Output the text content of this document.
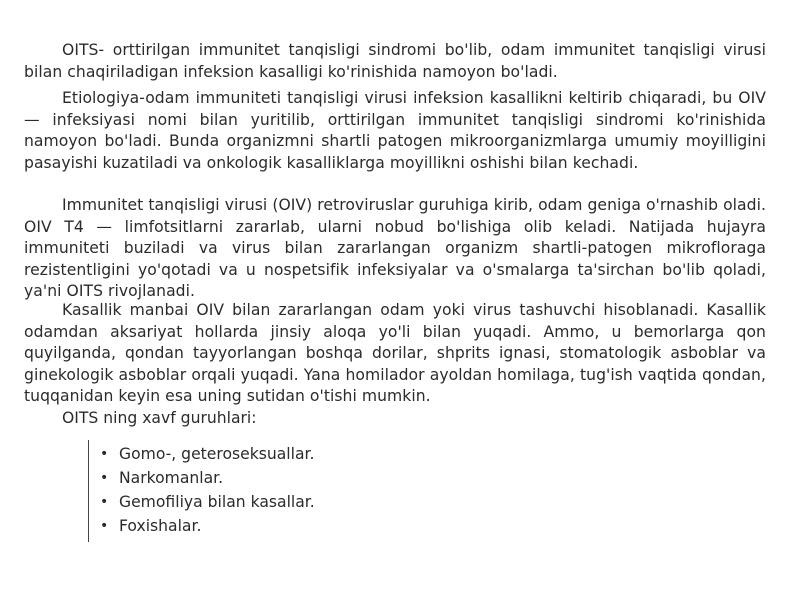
OITS- orttirilgan immunitet tanqisligi sindromi bo'lib, odam immunitet tanqisligi virusi bilan chaqiriladigan infeksion kasalligi ko'rinishida namoyon bo'ladi.

Etiologiya-odam immuniteti tanqisligi virusi infeksion kasallikni keltirib chiqaradi, bu OIV — infeksiyasi nomi bilan yuritilib, orttirilgan immunitet tanqisligi sindromi ko'rinishida namoyon bo'ladi. Bunda organizmni shartli patogen mikroorganizmlarga umumiy moyilligini pasayishi kuzatiladi va onkologik kasalliklarga moyillikni oshishi bilan kechadi.

Immunitet tanqisligi virusi (OIV) retroviruslar guruhiga kirib, odam geniga o'rnashib oladi. OIV T4 — limfotsitlarni zararlab, ularni nobud bo'lishiga olib keladi. Natijada hujayra immuniteti buziladi va virus bilan zararlangan organizm shartli-patogen mikrofloraga rezistentligini yo'qotadi va u nospetsifik infeksiyalar va o'smalarga ta'sirchan bo'lib qoladi, ya'ni OITS rivojlanadi.

Kasallik manbai OIV bilan zararlangan odam yoki virus tashuvchi hisoblanadi. Kasallik odamdan aksariyat hollarda jinsiy aloqa yo'li bilan yuqadi. Ammo, u bemorlarga qon quyilganda, qondan tayyorlangan boshqa dorilar, shprits ignasi, stomatologik asboblar va ginekologik asboblar orqali yuqadi. Yana homilador ayoldan homilaga, tug'ish vaqtida qondan, tuqqanidan keyin esa uning sutidan o'tishi mumkin.

OITS ning xavf guruhlari:

• Gomo-, geteroseksuallar.
• Narkomanlar.
• Gemofiliya bilan kasallar.
• Foxishalar.
